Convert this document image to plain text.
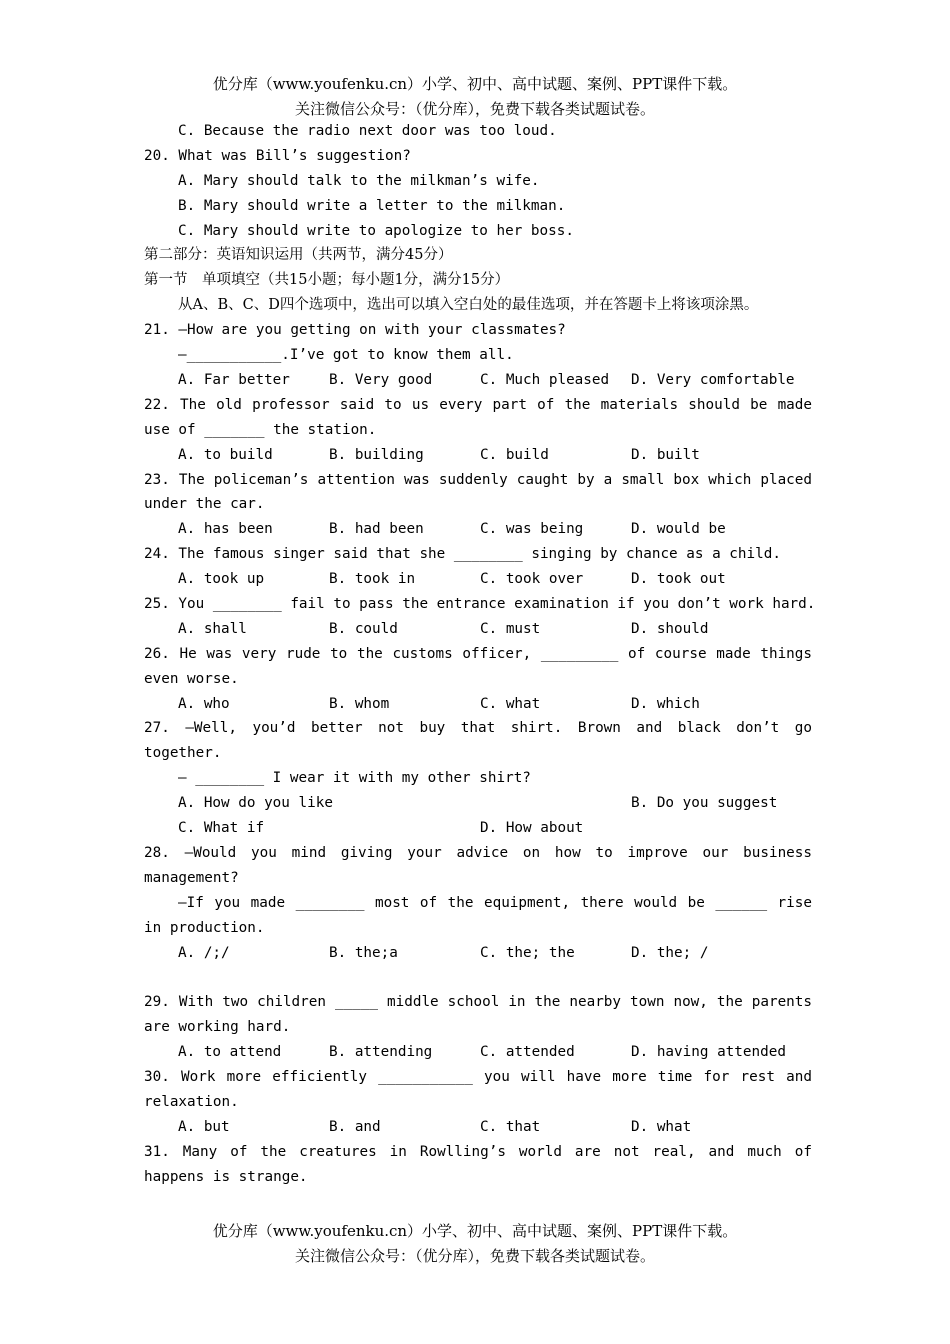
优分库（www.youfenku.cn）小学、初中、高中试题、案例、PPT课件下载。
关注微信公众号：（优分库），免费下载各类试题试卷。
C. Because the radio next door was too loud.
20. What was Bill’s suggestion?
A. Mary should talk to the milkman’s wife.
B. Mary should write a letter to the milkman.
C. Mary should write to apologize to her boss.
第二部分：英语知识运用（共两节，满分45分）
第一节　单项填空（共15小题；每小题1分，满分15分）
从A、B、C、D四个选项中，选出可以填入空白处的最佳选项，并在答题卡上将该项涂黑。
21. —How are you getting on with your classmates?
—___________.I’ve got to know them all.
A. Far better	B. Very good	C. Much pleased	D. Very comfortable
22. The old professor said to us every part of the materials should be made use of _______ the station.
A. to build	B. building	C. build	D. built
23. The policeman’s attention was suddenly caught by a small box which placed under the car.
A. has been	B. had been	C. was being	D. would be
24. The famous singer said that she ________ singing by chance as a child.
A. took up	B. took in	C. took over	D. took out
25. You ________ fail to pass the entrance examination if you don’t work hard.
A. shall	B. could	C. must	D. should
26. He was very rude to the customs officer, _________ of course made things even worse.
A. who	B. whom	C. what	D. which
27. —Well, you’d better not buy that shirt. Brown and black don’t go together.
— ________ I wear it with my other shirt?
A. How do you like	B. Do you suggest
C. What if	D. How about
28. —Would you mind giving your advice on how to improve our business management?
—If you made ________ most of the equipment, there would be ______ rise in production.
A. /;/	B. the;a	C. the; the	D. the; /
29. With two children _____ middle school in the nearby town now, the parents are working hard.
A. to attend	B. attending	C. attended	D. having attended
30. Work more efficiently ___________ you will have more time for rest and relaxation.
A. but	B. and	C. that	D. what
31. Many of the creatures in Rowlling’s world are not real, and much of happens is strange.
优分库（www.youfenku.cn）小学、初中、高中试题、案例、PPT课件下载。
关注微信公众号：（优分库），免费下载各类试题试卷。
